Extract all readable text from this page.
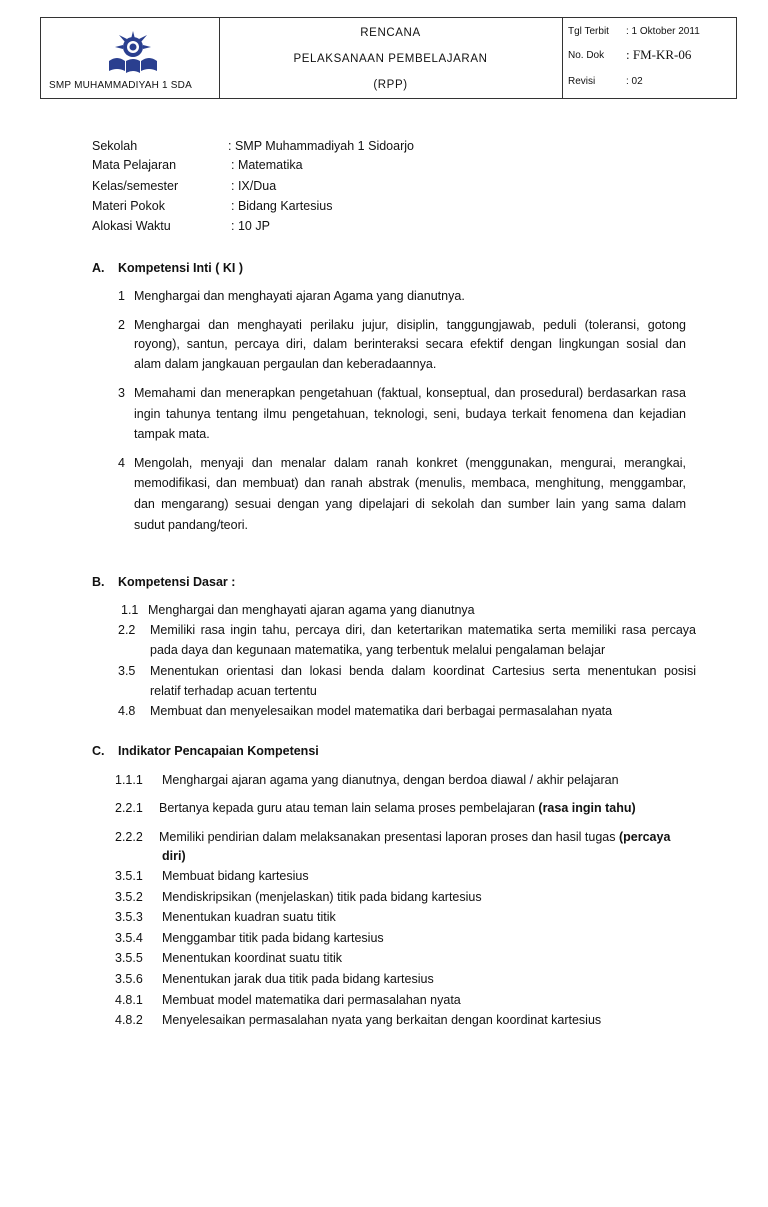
SMP MUHAMMADIYAH 1 SDA
RENCANA
PELAKSANAAN PEMBELAJARAN
(RPP)
Tgl Terbit : 1 Oktober 2011
No. Dok : FM-KR-06
Revisi	: 02
Sekolah	: SMP Muhammadiyah 1 Sidoarjo
Mata Pelajaran	: Matematika
Kelas/semester	: IX/Dua
Materi Pokok	: Bidang Kartesius
Alokasi Waktu	: 10 JP
A. Kompetensi Inti ( KI )
1 Menghargai dan menghayati ajaran Agama yang dianutnya.
2 Menghargai dan menghayati perilaku jujur, disiplin, tanggungjawab, peduli (toleransi, gotong
royong), santun, percaya diri, dalam berinteraksi secara efektif dengan lingkungan sosial dan
alam dalam jangkauan pergaulan dan keberadaannya.
3 Memahami dan menerapkan pengetahuan (faktual, konseptual, dan prosedural) berdasarkan rasa
ingin tahunya tentang ilmu pengetahuan, teknologi, seni, budaya terkait fenomena dan kejadian
tampak mata.
4 Mengolah, menyaji dan menalar dalam ranah konkret (menggunakan, mengurai, merangkai,
memodifikasi, dan membuat) dan ranah abstrak (menulis, membaca, menghitung, menggambar,
dan mengarang) sesuai dengan yang dipelajari di sekolah dan sumber lain yang sama dalam
sudut pandang/teori.
B. Kompetensi Dasar :
1.1 Menghargai dan menghayati ajaran agama yang dianutnya
2.2 Memiliki rasa ingin tahu, percaya diri, dan ketertarikan matematika serta memiliki rasa percaya
pada daya dan kegunaan matematika, yang terbentuk melalui pengalaman belajar
3.5 Menentukan orientasi dan lokasi benda dalam koordinat Cartesius serta menentukan posisi
relatif terhadap acuan tertentu
4.8 Membuat dan menyelesaikan model matematika dari berbagai permasalahan nyata
C. Indikator Pencapaian Kompetensi
1.1.1 Menghargai ajaran agama yang dianutnya, dengan berdoa diawal / akhir pelajaran
2.2.1 Bertanya kepada guru atau teman lain selama proses pembelajaran (rasa ingin tahu)
2.2.2 Memiliki pendirian dalam melaksanakan presentasi laporan proses dan hasil tugas (percaya
diri)
3.5.1 Membuat bidang kartesius
3.5.2 Mendiskripsikan (menjelaskan) titik pada bidang kartesius
3.5.3 Menentukan kuadran suatu titik
3.5.4 Menggambar titik pada bidang kartesius
3.5.5 Menentukan koordinat suatu titik
3.5.6 Menentukan jarak dua titik pada bidang kartesius
4.8.1 Membuat model matematika dari permasalahan nyata
4.8.2 Menyelesaikan permasalahan nyata yang berkaitan dengan koordinat kartesius
